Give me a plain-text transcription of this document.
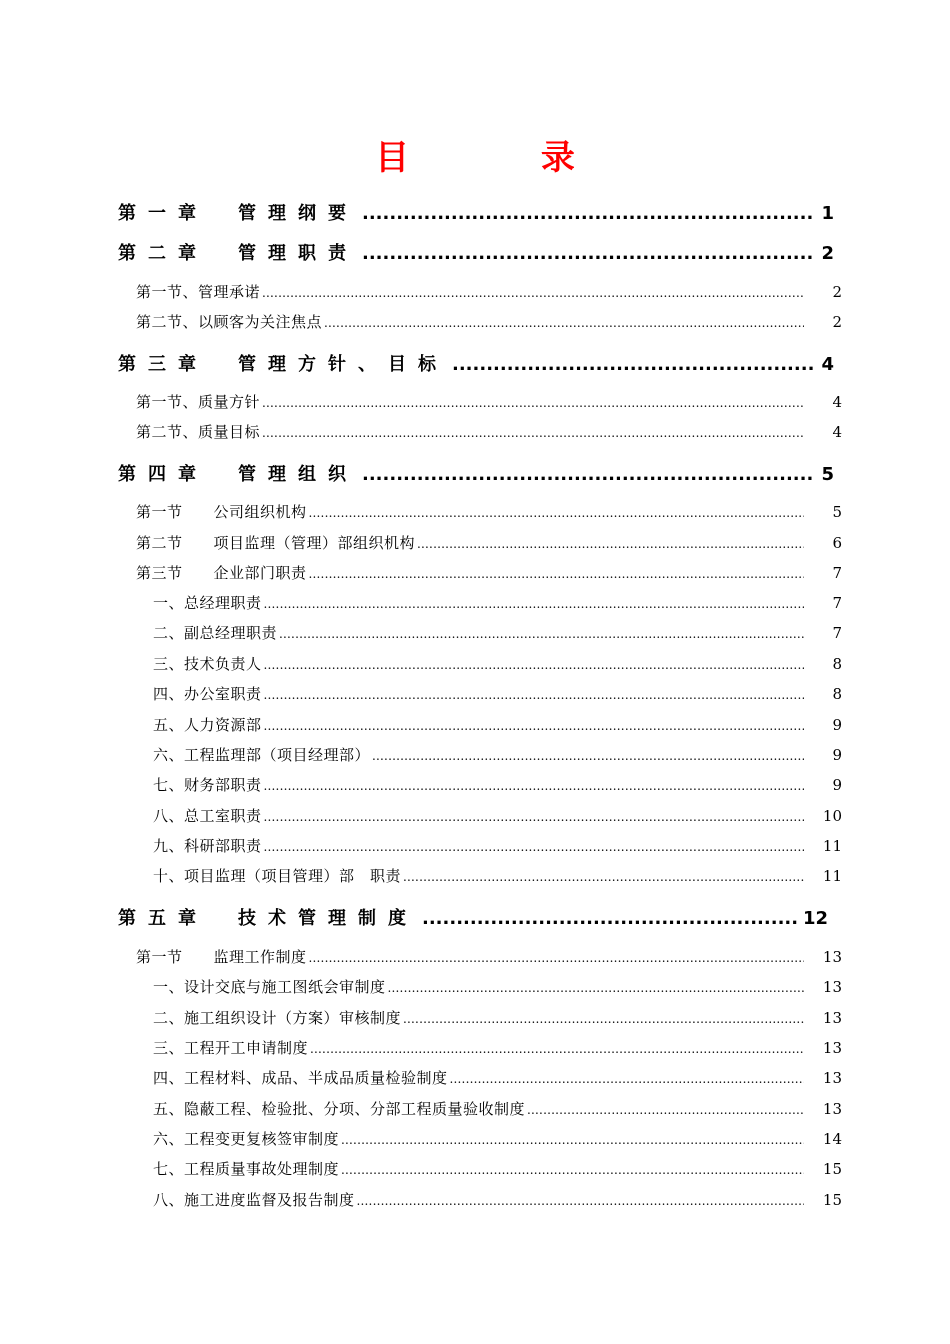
目 录
第一章　管理纲要 .....	1
第二章　管理职责 .....	2
第一节、管理承诺 .....	2
第二节、以顾客为关注焦点 .....	2
第三章　管理方针、目标 .....	4
第一节、质量方针 .....	4
第二节、质量目标 .....	4
第四章　管理组织 .....	5
第一节　　公司组织机构 .....	5
第二节　　项目监理（管理）部组织机构 .....	6
第三节　　企业部门职责 .....	7
一、总经理职责 .....	7
二、副总经理职责 .....	7
三、技术负责人 .....	8
四、办公室职责 .....	8
五、人力资源部 .....	9
六、工程监理部（项目经理部） .....	9
七、财务部职责 .....	9
八、总工室职责 .....	10
九、科研部职责 .....	11
十、项目监理（项目管理）部　职责 .....	11
第五章　技术管理制度 .....	12
第一节　　监理工作制度 .....	13
一、设计交底与施工图纸会审制度 .....	13
二、施工组织设计（方案）审核制度 .....	13
三、工程开工申请制度 .....	13
四、工程材料、成品、半成品质量检验制度 .....	13
五、隐蔽工程、检验批、分项、分部工程质量验收制度 .....	13
六、工程变更复核签审制度 .....	14
七、工程质量事故处理制度 .....	15
八、施工进度监督及报告制度 .....	15
